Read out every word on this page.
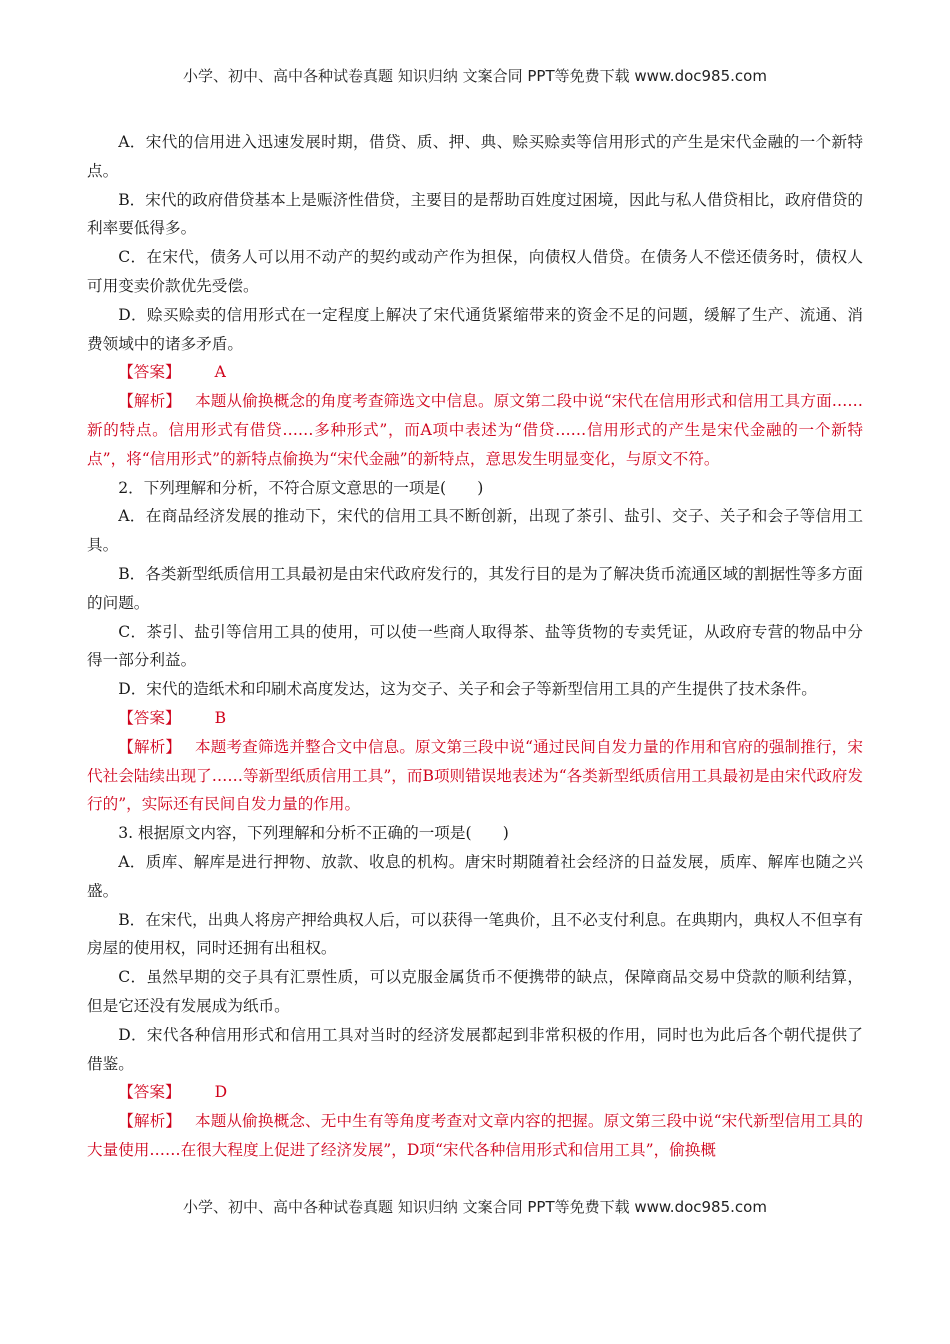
小学、初中、高中各种试卷真题 知识归纳 文案合同 PPT等免费下载 www.doc985.com

A．宋代的信用进入迅速发展时期，借贷、质、押、典、赊买赊卖等信用形式的产生是宋代金融的一个新特点。

B．宋代的政府借贷基本上是赈济性借贷，主要目的是帮助百姓度过困境，因此与私人借贷相比，政府借贷的利率要低得多。

C．在宋代，债务人可以用不动产的契约或动产作为担保，向债权人借贷。在债务人不偿还债务时，债权人可用变卖价款优先受偿。

D．赊买赊卖的信用形式在一定程度上解决了宋代通货紧缩带来的资金不足的问题，缓解了生产、流通、消费领域中的诸多矛盾。

【答案】 A

【解析】 本题从偷换概念的角度考查筛选文中信息。原文第二段中说“宋代在信用形式和信用工具方面……新的特点。信用形式有借贷……多种形式”，而A项中表述为“借贷……信用形式的产生是宋代金融的一个新特点”，将“信用形式”的新特点偷换为“宋代金融”的新特点，意思发生明显变化，与原文不符。

2．下列理解和分析，不符合原文意思的一项是(　　)

A．在商品经济发展的推动下，宋代的信用工具不断创新，出现了茶引、盐引、交子、关子和会子等信用工具。

B．各类新型纸质信用工具最初是由宋代政府发行的，其发行目的是为了解决货币流通区域的割据性等多方面的问题。

C．茶引、盐引等信用工具的使用，可以使一些商人取得茶、盐等货物的专卖凭证，从政府专营的物品中分得一部分利益。

D．宋代的造纸术和印刷术高度发达，这为交子、关子和会子等新型信用工具的产生提供了技术条件。

【答案】 B

【解析】 本题考查筛选并整合文中信息。原文第三段中说“通过民间自发力量的作用和官府的强制推行，宋代社会陆续出现了……等新型纸质信用工具”，而B项则错误地表述为“各类新型纸质信用工具最初是由宋代政府发行的”，实际还有民间自发力量的作用。

3. 根据原文内容，下列理解和分析不正确的一项是(　　)

A．质库、解库是进行押物、放款、收息的机构。唐宋时期随着社会经济的日益发展，质库、解库也随之兴盛。

B．在宋代，出典人将房产押给典权人后，可以获得一笔典价，且不必支付利息。在典期内，典权人不但享有房屋的使用权，同时还拥有出租权。

C．虽然早期的交子具有汇票性质，可以克服金属货币不便携带的缺点，保障商品交易中贷款的顺利结算，但是它还没有发展成为纸币。

D．宋代各种信用形式和信用工具对当时的经济发展都起到非常积极的作用，同时也为此后各个朝代提供了借鉴。

【答案】 D

【解析】 本题从偷换概念、无中生有等角度考查对文章内容的把握。原文第三段中说“宋代新型信用工具的大量使用……在很大程度上促进了经济发展”，D项“宋代各种信用形式和信用工具”，偷换概

小学、初中、高中各种试卷真题 知识归纳 文案合同 PPT等免费下载 www.doc985.com
